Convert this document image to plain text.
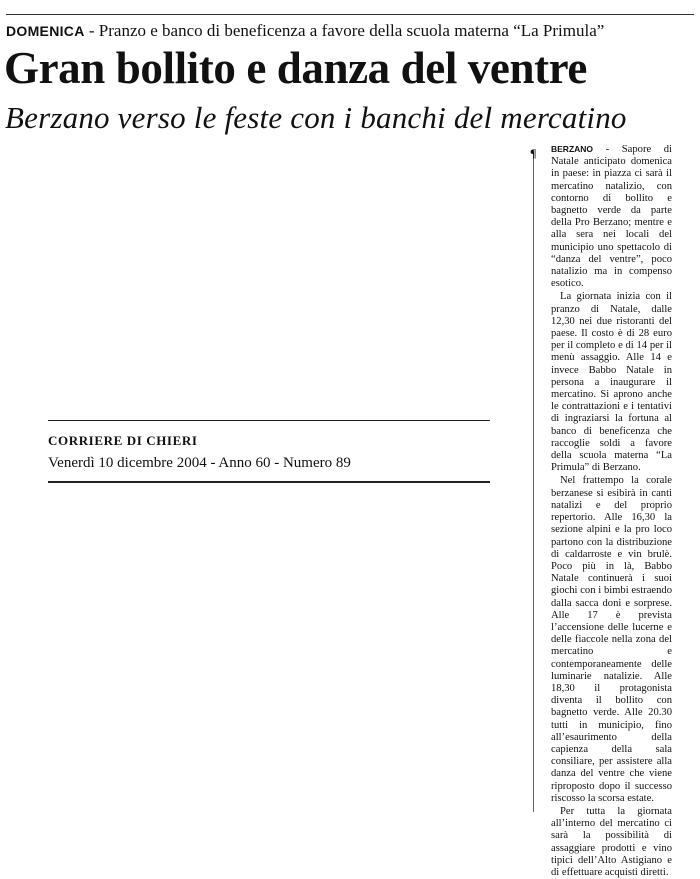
DOMENICA - Pranzo e banco di beneficenza a favore della scuola materna “La Primula”
Gran bollito e danza del ventre
Berzano verso le feste con i banchi del mercatino
¶ BERZANO - Sapore di Natale anticipato domenica in paese: in piazza ci sarà il mercatino natalizio, con contorno di bollito e bagnetto verde da parte della Pro Berzano; mentre e alla sera nei locali del municipio uno spettacolo di “danza del ventre”, poco natalizio ma in compenso esotico.

La giornata inizia con il pranzo di Natale, dalle 12,30 nei due ristoranti del paese. Il costo è di 28 euro per il completo e di 14 per il menù assaggio. Alle 14 e invece Babbo Natale in persona a inaugurare il mercatino. Si aprono anche le contrattazioni e i tentativi di ingraziarsi la fortuna al banco di beneficenza che raccoglie soldi a favore della scuola materna “La Primula” di Berzano.

Nel frattempo la corale berzanese si esibirà in canti natalizi e del proprio repertorio. Alle 16,30 la sezione alpini e la pro loco partono con la distribuzione di caldarroste e vin brulè. Poco più in là, Babbo Natale continuerà i suoi giochi con i bimbi estraendo dalla sacca doni e sorprese. Alle 17 è prevista l’accensione delle lucerne e delle fiaccole nella zona del mercatino e contemporaneamente delle luminarie natalizie. Alle 18,30 il protagonista diventa il bollito con bagnetto verde. Alle 20.30 tutti in municipio, fino all’esaurimento della capienza della sala consiliare, per assistere alla danza del ventre che viene riproposto dopo il successo riscosso la scorsa estate.

Per tutta la giornata all’interno del mercatino ci sarà la possibilità di assaggiare prodotti e vino tipici dell’Alto Astigiano e di effettuare acquisti diretti.

CORRIERE DI CHIERI
Venerdì 10 dicembre 2004 - Anno 60 - Numero 89
